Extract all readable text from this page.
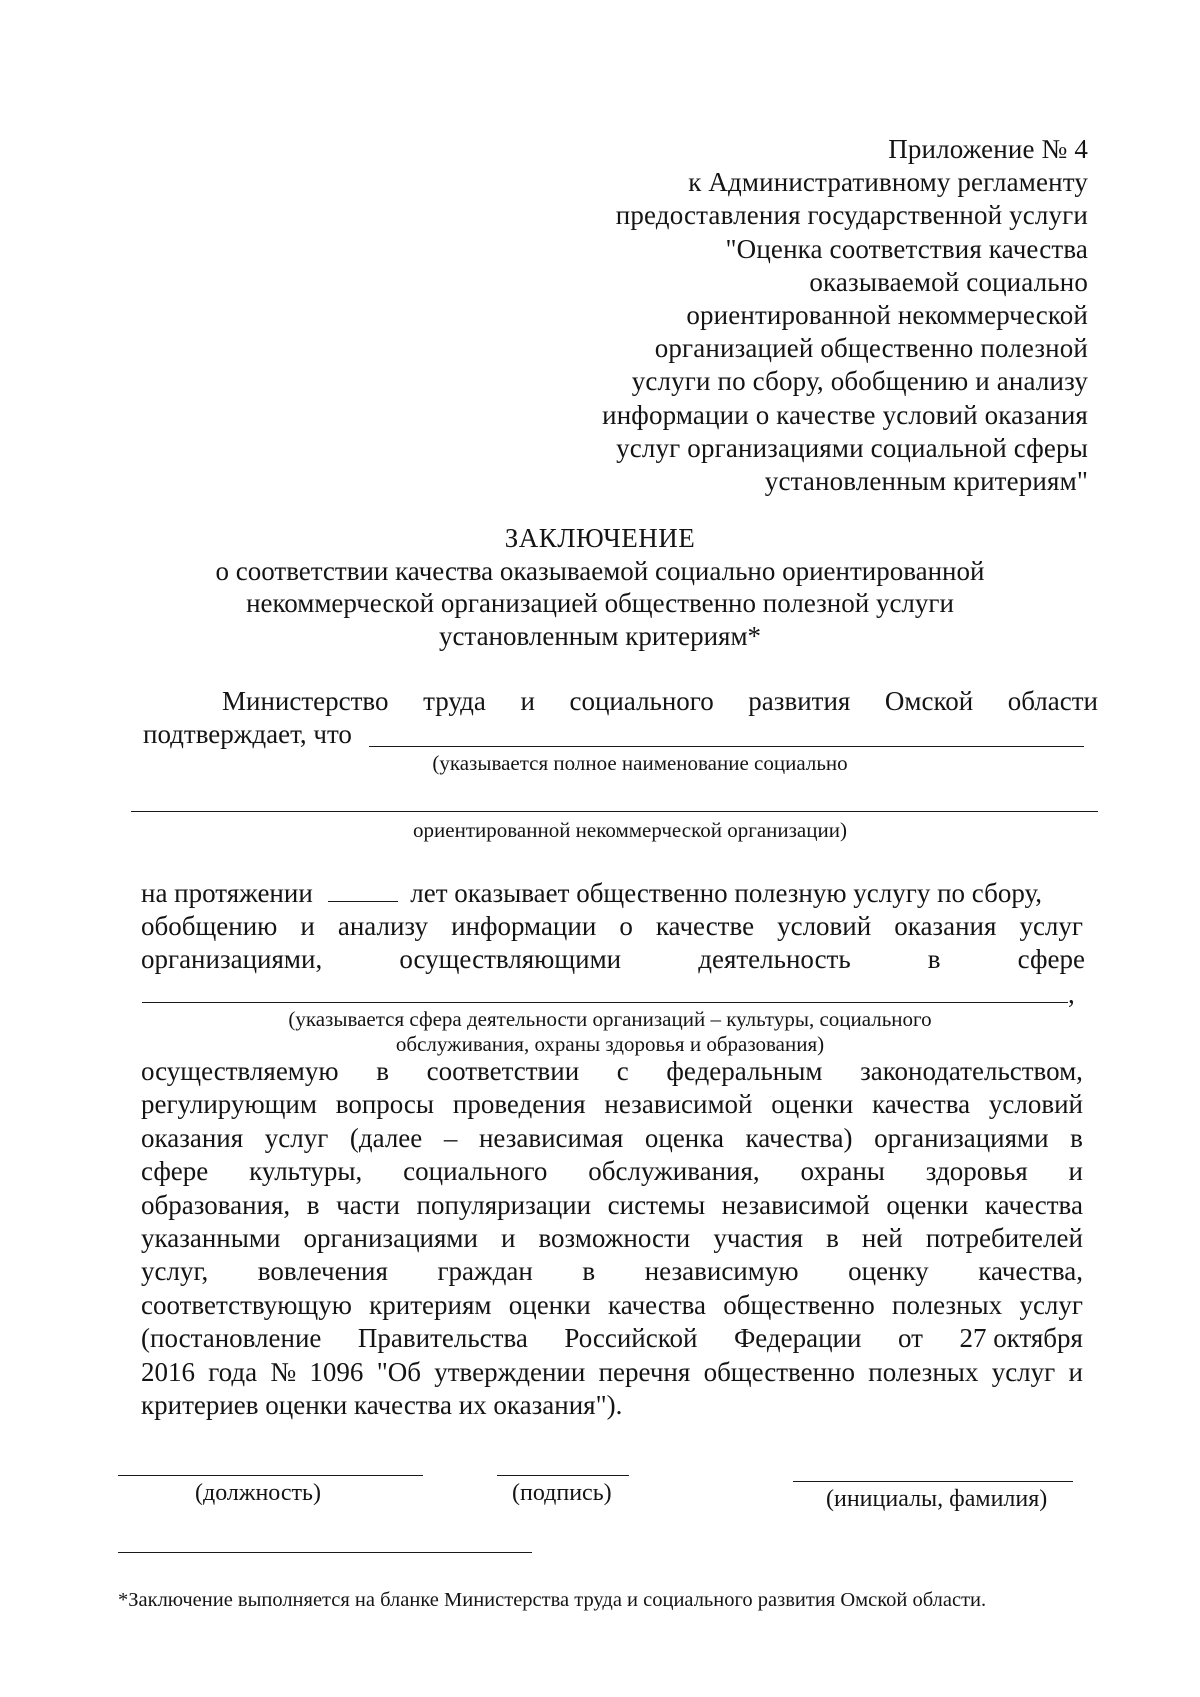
Приложение № 4
к Административному регламенту
предоставления государственной услуги
"Оценка соответствия качества
оказываемой социально
ориентированной некоммерческой
организацией общественно полезной
услуги по сбору, обобщению и анализу
информации о качестве условий оказания
услуг организациями социальной сферы
установленным критериям"
ЗАКЛЮЧЕНИЕ
о соответствии качества оказываемой социально ориентированной
некоммерческой организацией общественно полезной услуги
установленным критериям*
Министерство труда и социального развития Омской области
подтверждает, что
(указывается полное наименование социально
ориентированной некоммерческой организации)
на протяжении	лет оказывает общественно полезную услугу по сбору,
обобщению и анализу информации о качестве условий оказания услуг
организациями,	осуществляющими	деятельность	в	сфере
,
(указывается сфера деятельности организаций – культуры, социального
обслуживания, охраны здоровья и образования)
осуществляемую в соответствии с федеральным законодательством,
регулирующим вопросы проведения независимой оценки качества условий
оказания услуг (далее – независимая оценка качества) организациями в
сфере культуры, социального обслуживания, охраны здоровья и
образования, в части популяризации системы независимой оценки качества
указанными организациями и возможности участия в ней потребителей
услуг, вовлечения граждан в независимую оценку качества,
соответствующую критериям оценки качества общественно полезных услуг
(постановление Правительства Российской Федерации от 27 октября
2016 года № 1096 "Об утверждении перечня общественно полезных услуг и
критериев оценки качества их оказания").
(должность)	(подпись)	(инициалы, фамилия)
*Заключение выполняется на бланке Министерства труда и социального развития Омской области.
